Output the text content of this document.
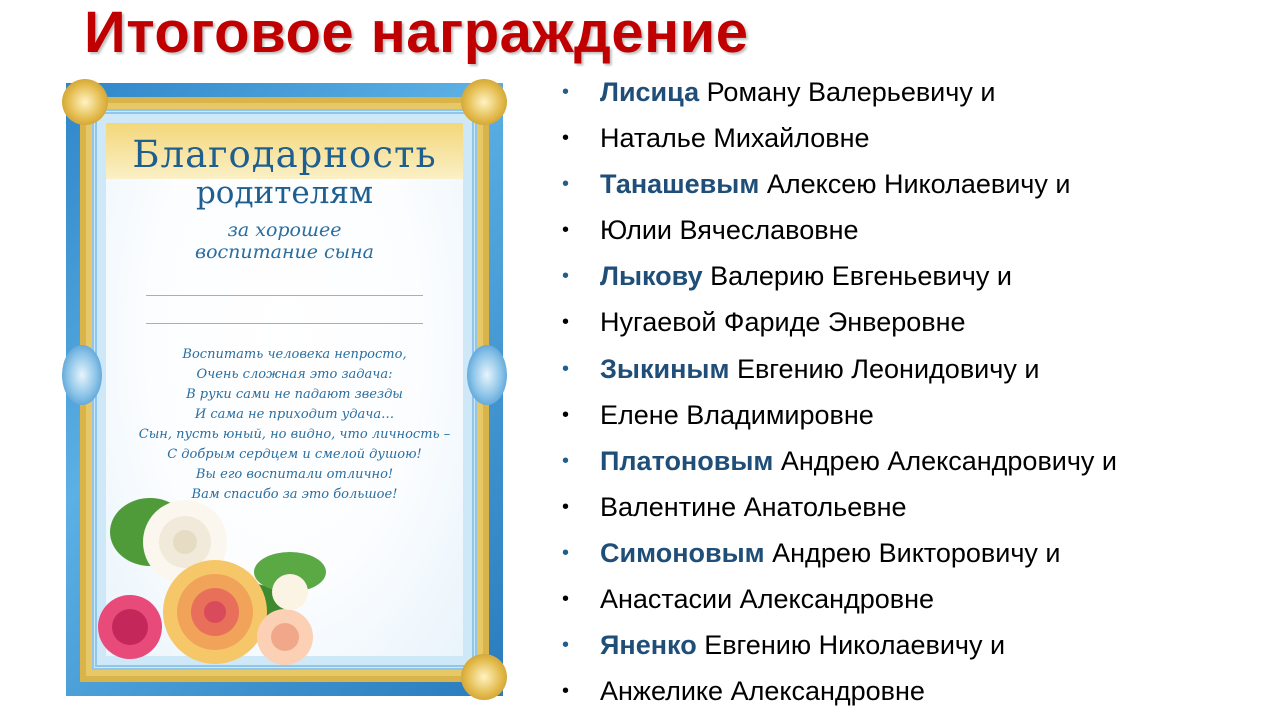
Итоговое награждение
Благодарность
родителям
за хорошее
воспитание сына
Воспитать человека непросто,
Очень сложная это задача:
В руки сами не падают звезды
И сама не приходит удача…
Сын, пусть юный, но видно, что личность –
С добрым сердцем и смелой душою!
Вы его воспитали отлично!
Вам спасибо за это большое!
• Лисица Роману Валерьевичу и
• Наталье Михайловне
• Танашевым Алексею Николаевичу и
• Юлии Вячеславовне
• Лыкову Валерию Евгеньевичу и
• Нугаевой Фариде Энверовне
• Зыкиным Евгению Леонидовичу и
• Елене Владимировне
• Платоновым Андрею Александровичу и
• Валентине Анатольевне
• Симоновым Андрею Викторовичу и
• Анастасии Александровне
• Яненко Евгению Николаевичу и
• Анжелике Александровне
